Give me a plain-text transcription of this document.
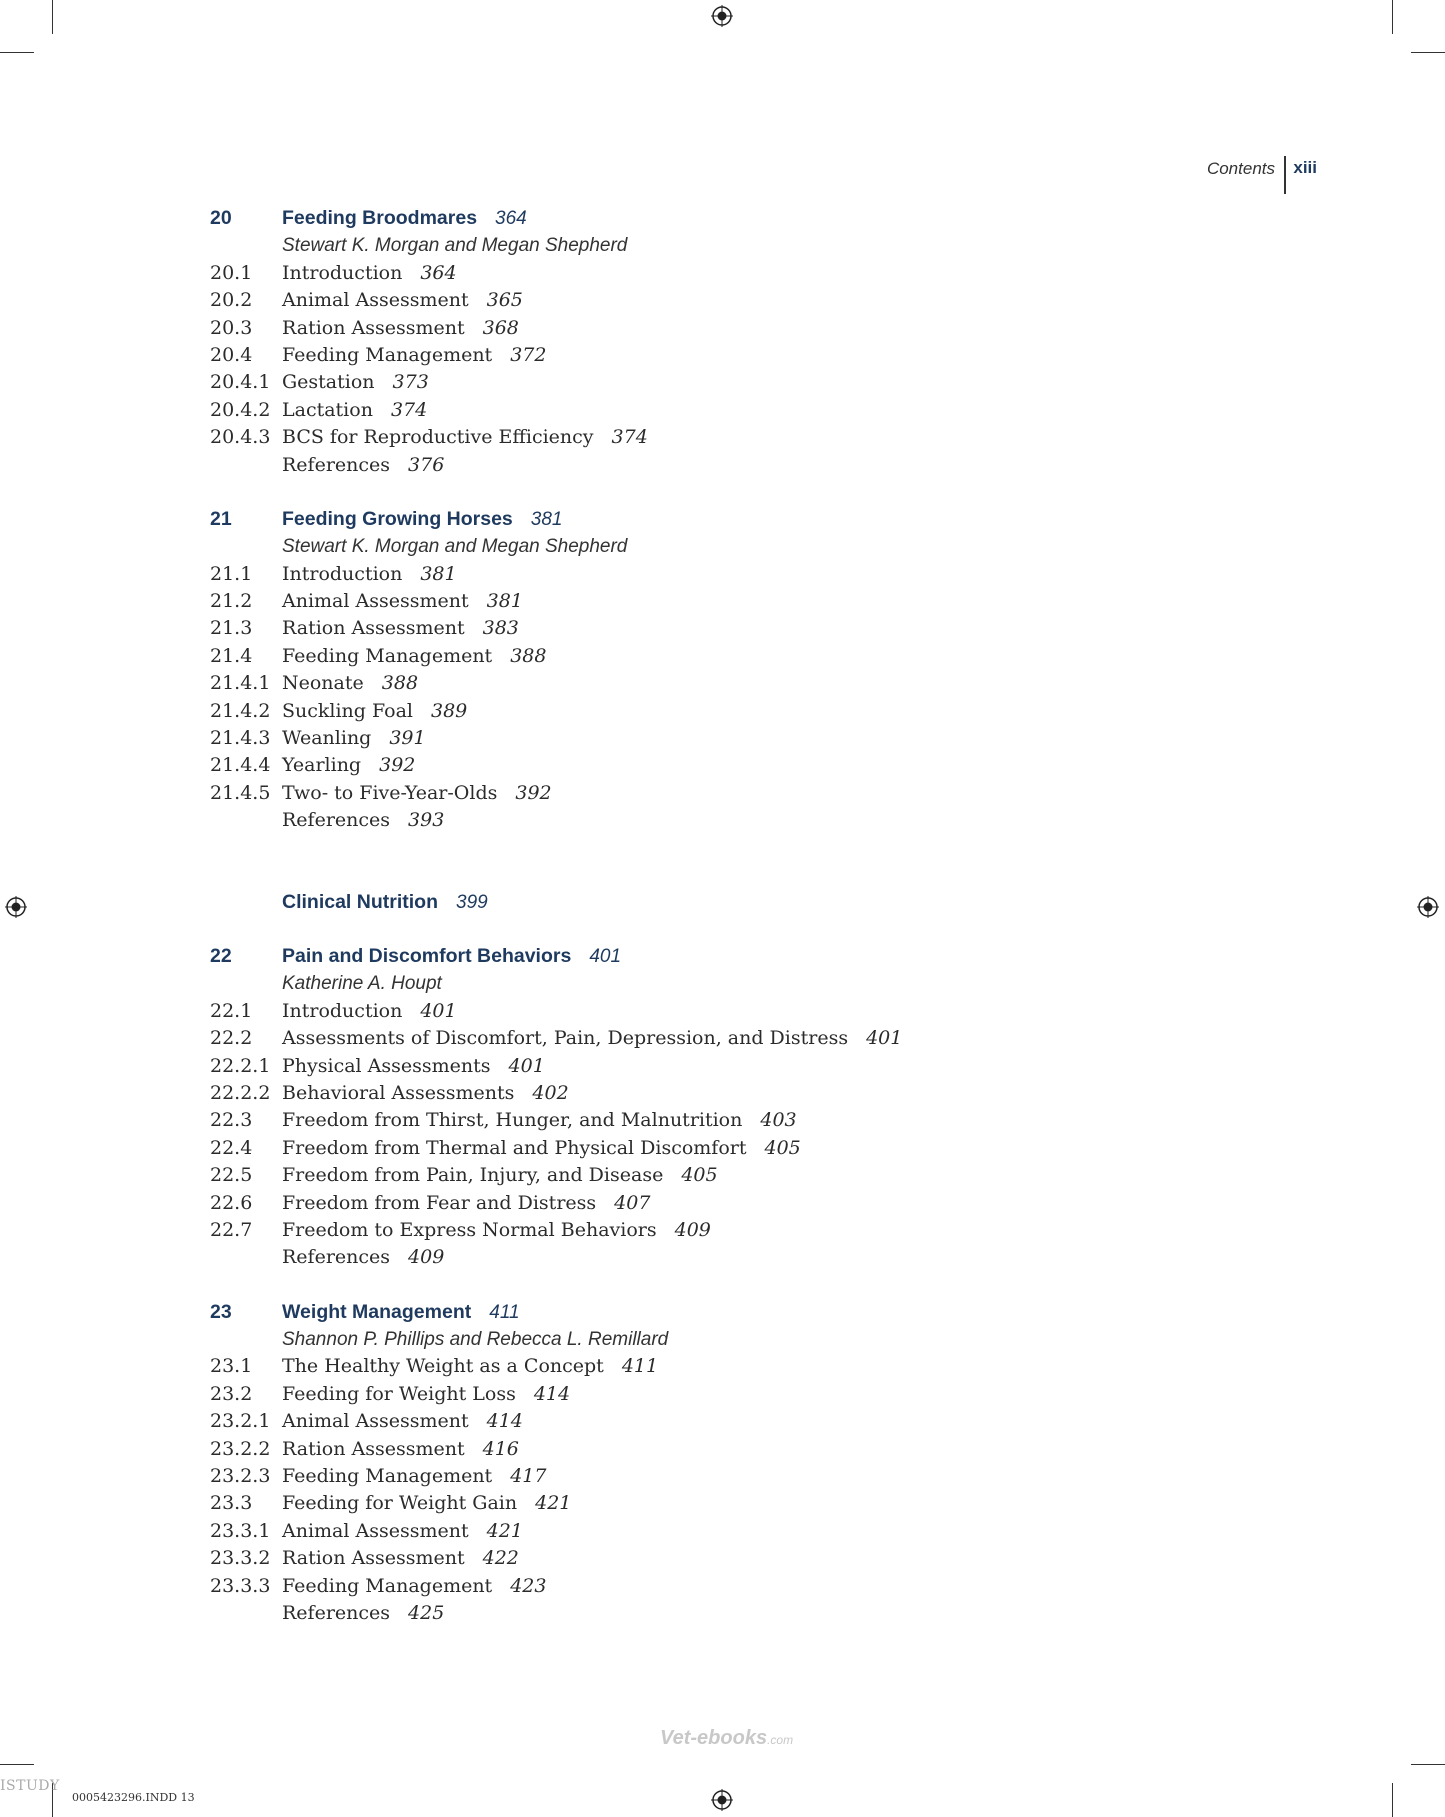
Contents xiii
20	Feeding Broodmares 364
Stewart K. Morgan and Megan Shepherd
20.1 Introduction 364
20.2 Animal Assessment 365
20.3 Ration Assessment 368
20.4 Feeding Management 372
20.4.1 Gestation 373
20.4.2 Lactation 374
20.4.3 BCS for Reproductive Efficiency 374
References 376
21	Feeding Growing Horses 381
Stewart K. Morgan and Megan Shepherd
21.1 Introduction 381
21.2 Animal Assessment 381
21.3 Ration Assessment 383
21.4 Feeding Management 388
21.4.1 Neonate 388
21.4.2 Suckling Foal 389
21.4.3 Weanling 391
21.4.4 Yearling 392
21.4.5 Two- to Five-Year-Olds 392
References 393
Clinical Nutrition 399
22	Pain and Discomfort Behaviors 401
Katherine A. Houpt
22.1 Introduction 401
22.2 Assessments of Discomfort, Pain, Depression, and Distress 401
22.2.1 Physical Assessments 401
22.2.2 Behavioral Assessments 402
22.3 Freedom from Thirst, Hunger, and Malnutrition 403
22.4 Freedom from Thermal and Physical Discomfort 405
22.5 Freedom from Pain, Injury, and Disease 405
22.6 Freedom from Fear and Distress 407
22.7 Freedom to Express Normal Behaviors 409
References 409
23	Weight Management 411
Shannon P. Phillips and Rebecca L. Remillard
23.1 The Healthy Weight as a Concept 411
23.2 Feeding for Weight Loss 414
23.2.1 Animal Assessment 414
23.2.2 Ration Assessment 416
23.2.3 Feeding Management 417
23.3 Feeding for Weight Gain 421
23.3.1 Animal Assessment 421
23.3.2 Ration Assessment 422
23.3.3 Feeding Management 423
References 425
ISTUDY
0005423296.INDD 13
Vet-ebooks.com
